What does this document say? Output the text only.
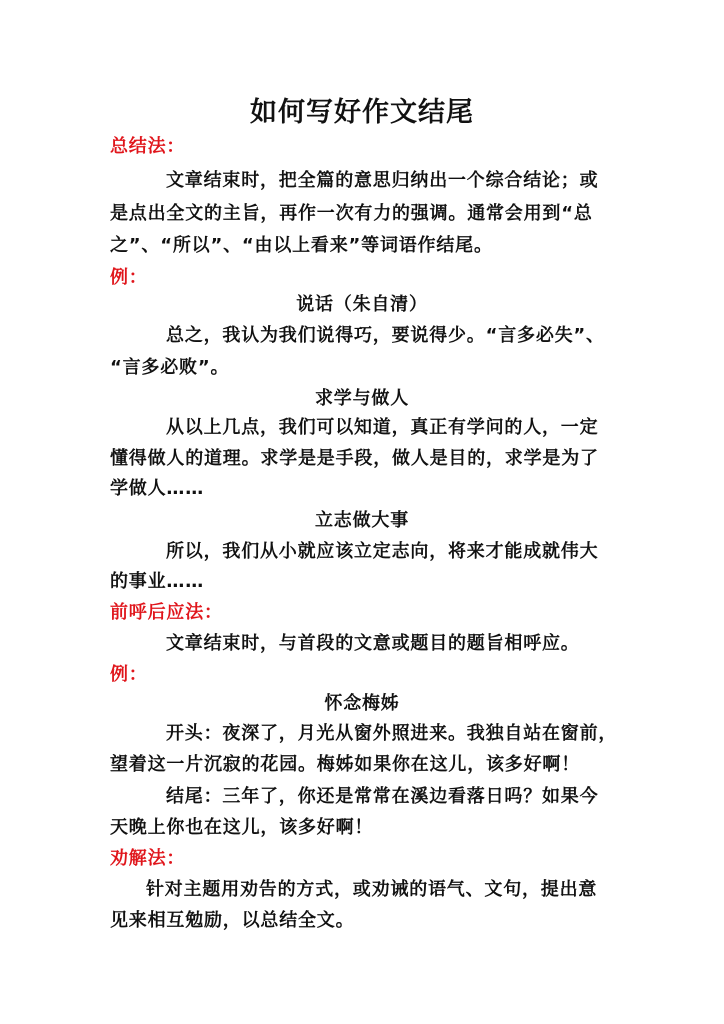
如何写好作文结尾
总结法：
文章结束时，把全篇的意思归纳出一个综合结论；或
是点出全文的主旨，再作一次有力的强调。通常会用到“总
之”、“所以”、“由以上看来”等词语作结尾。
例：
说话（朱自清）
总之，我认为我们说得巧，要说得少。“言多必失”、
“言多必败”。
求学与做人
从以上几点，我们可以知道，真正有学问的人，一定
懂得做人的道理。求学是是手段，做人是目的，求学是为了
学做人……
立志做大事
所以，我们从小就应该立定志向，将来才能成就伟大
的事业……
前呼后应法：
文章结束时，与首段的文意或题目的题旨相呼应。
例：
怀念梅姊
开头：夜深了，月光从窗外照进来。我独自站在窗前，
望着这一片沉寂的花园。梅姊如果你在这儿，该多好啊！
结尾：三年了，你还是常常在溪边看落日吗？如果今
天晚上你也在这儿，该多好啊！
劝解法：
针对主题用劝告的方式，或劝诫的语气、文句，提出意
见来相互勉励，以总结全文。
